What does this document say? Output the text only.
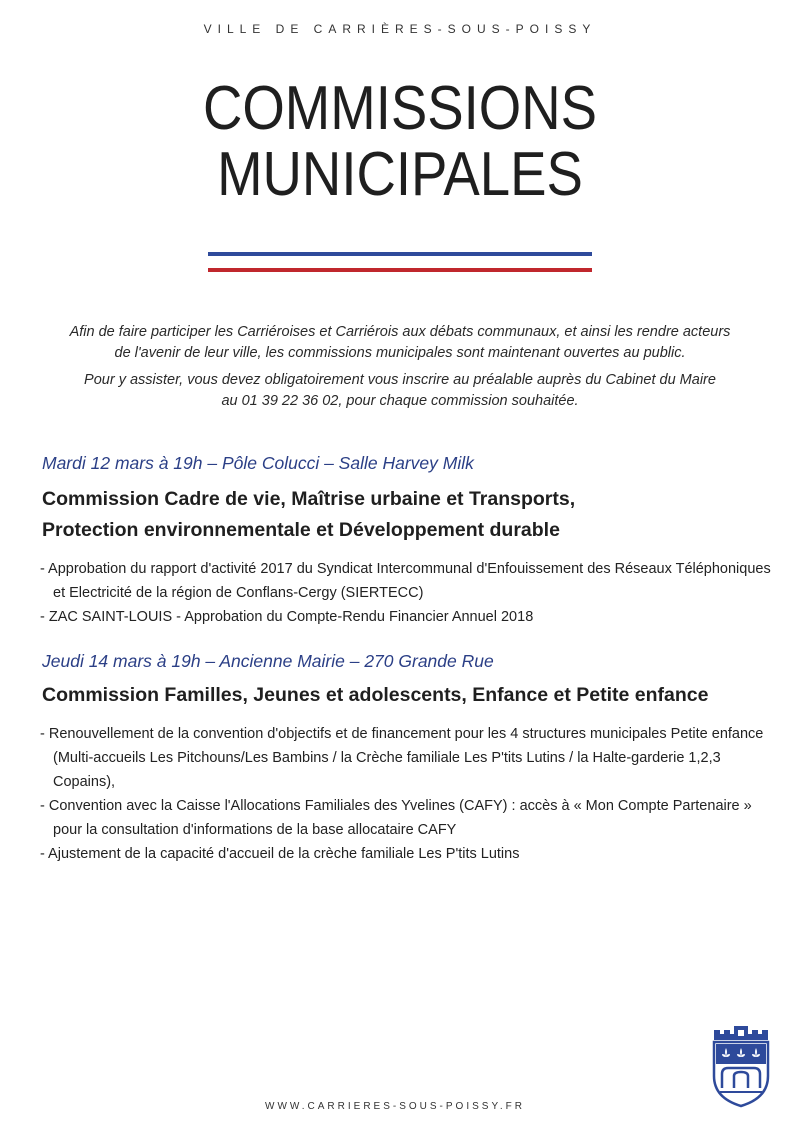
VILLE DE CARRIÈRES-SOUS-POISSY
COMMISSIONS
MUNICIPALES

Afin de faire participer les Carriéroises et Carriérois aux débats communaux, et ainsi les rendre acteurs
de l'avenir de leur ville, les commissions municipales sont maintenant ouvertes au public.

Pour y assister, vous devez obligatoirement vous inscrire au préalable auprès du Cabinet du Maire
au 01 39 22 36 02, pour chaque commission souhaitée.

Mardi 12 mars à 19h – Pôle Colucci – Salle Harvey Milk
Commission Cadre de vie, Maîtrise urbaine et Transports,
Protection environnementale et Développement durable
- Approbation du rapport d'activité 2017 du Syndicat Intercommunal d'Enfouissement des Réseaux Téléphoniques et Electricité de la région de Conflans-Cergy (SIERTECC)
- ZAC SAINT-LOUIS - Approbation du Compte-Rendu Financier Annuel 2018
Jeudi 14 mars à 19h – Ancienne Mairie – 270 Grande Rue
Commission Familles, Jeunes et adolescents, Enfance et Petite enfance
- Renouvellement de la convention d'objectifs et de financement pour les 4 structures municipales Petite enfance (Multi-accueils Les Pitchouns/Les Bambins / la Crèche familiale Les P'tits Lutins / la Halte-garderie 1,2,3 Copains),
- Convention avec la Caisse l'Allocations Familiales des Yvelines (CAFY) : accès à « Mon Compte Partenaire » pour la consultation d'informations de la base allocataire CAFY
- Ajustement de la capacité d'accueil de la crèche familiale Les P'tits Lutins
WWW.CARRIERES-SOUS-POISSY.FR
